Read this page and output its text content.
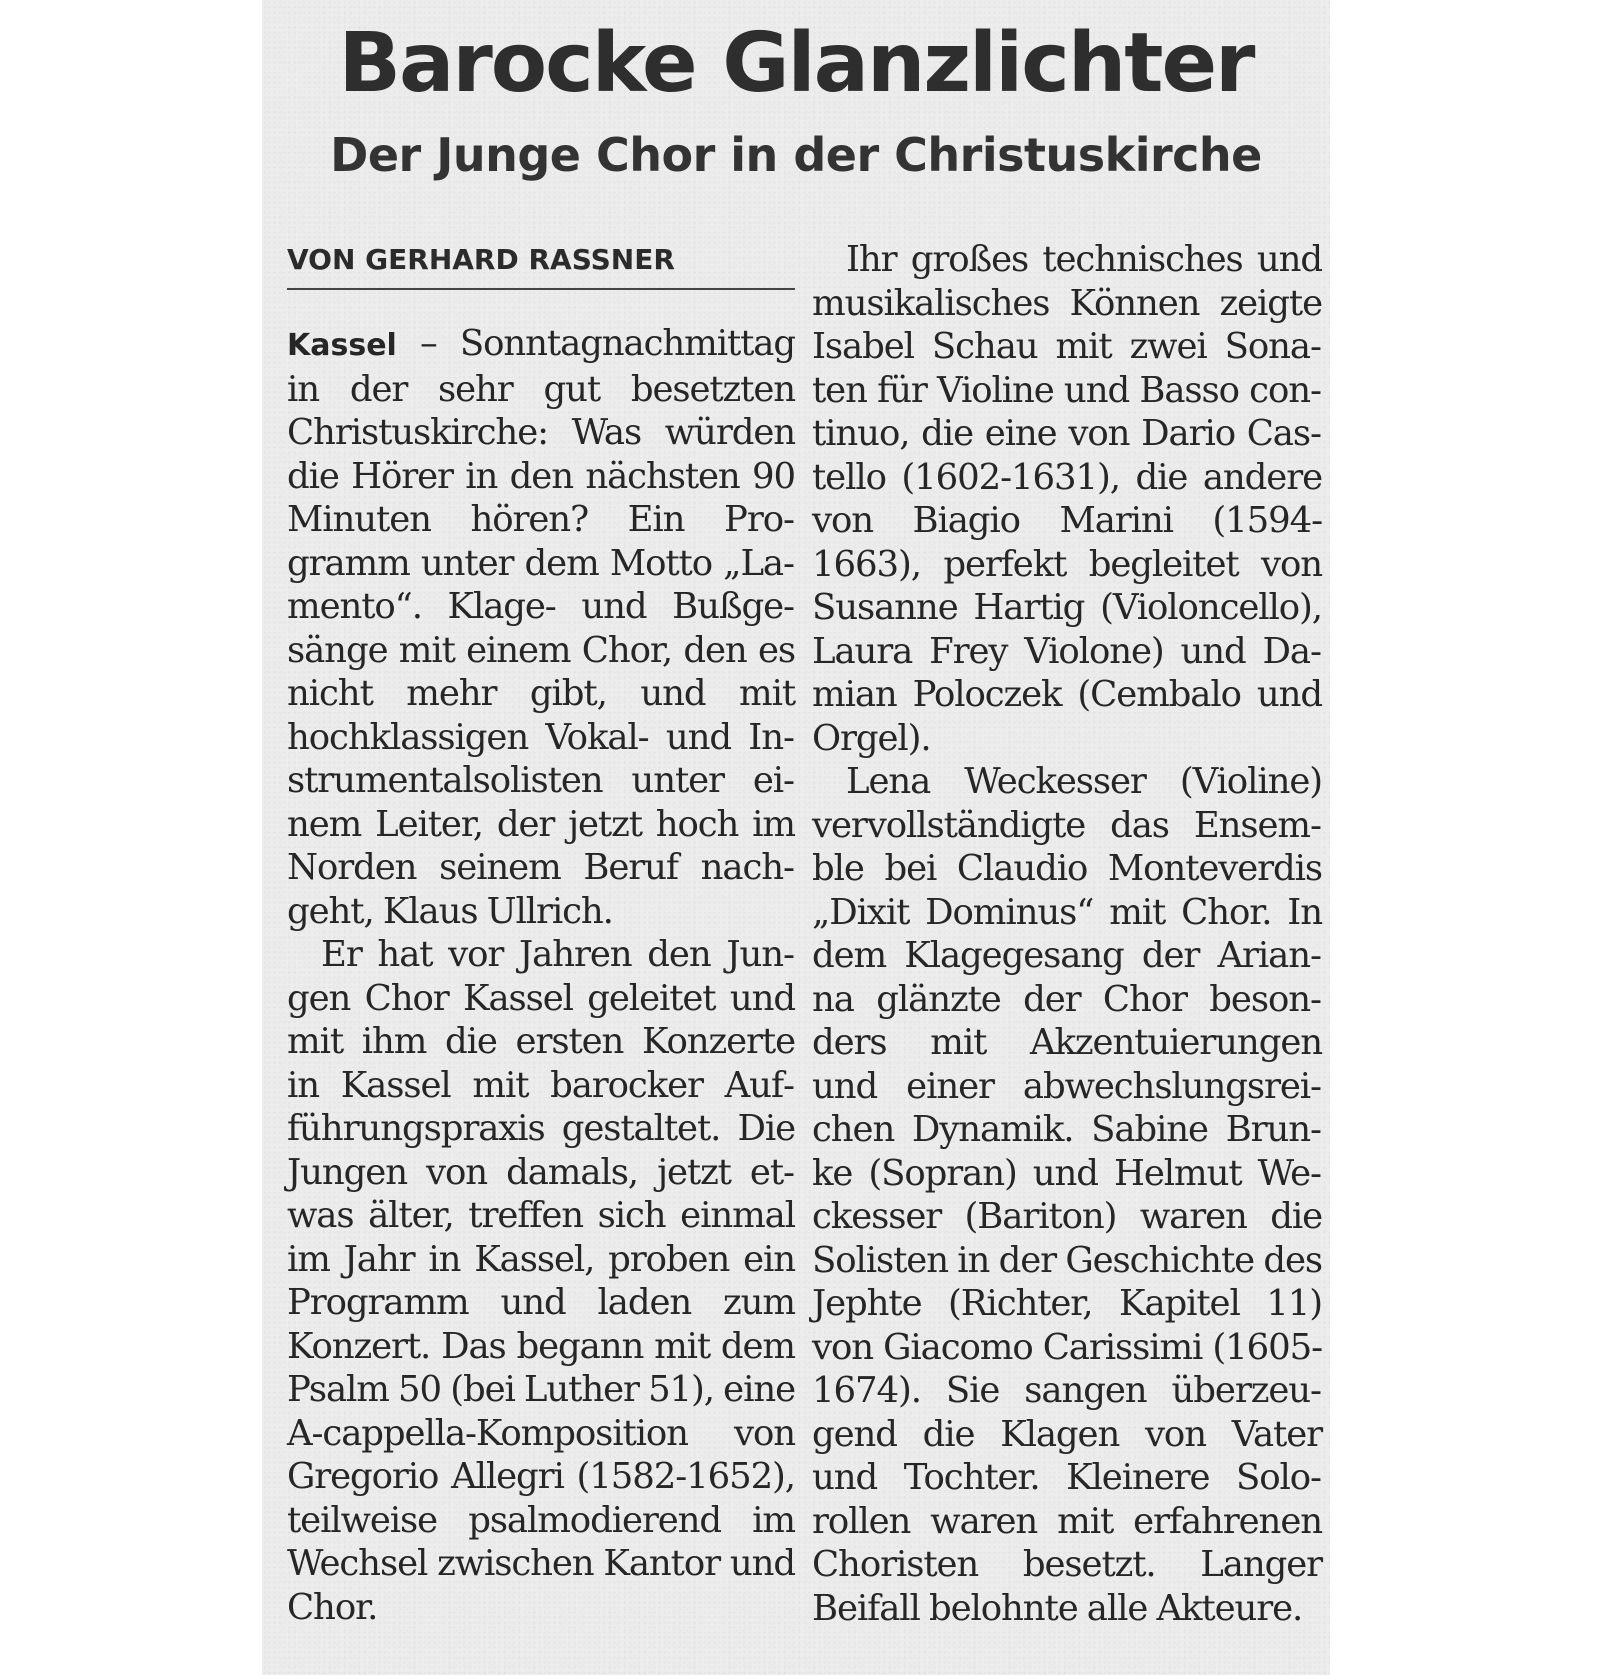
Barocke Glanzlichter
Der Junge Chor in der Christuskirche
VON GERHARD RASSNER

Kassel – Sonntagnachmittag in der sehr gut besetzten Christuskirche: Was würden die Hörer in den nächsten 90 Minuten hören? Ein Programm unter dem Motto „Lamento“. Klage- und Bußgesänge mit einem Chor, den es nicht mehr gibt, und mit hochklassigen Vokal- und Instrumentalsolisten unter einem Leiter, der jetzt hoch im Norden seinem Beruf nachgeht, Klaus Ullrich.

Er hat vor Jahren den Jungen Chor Kassel geleitet und mit ihm die ersten Konzerte in Kassel mit barocker Aufführungspraxis gestaltet. Die Jungen von damals, jetzt etwas älter, treffen sich einmal im Jahr in Kassel, proben ein Programm und laden zum Konzert. Das begann mit dem Psalm 50 (bei Luther 51), eine A-cappella-Komposition von Gregorio Allegri (1582-1652), teilweise psalmodierend im Wechsel zwischen Kantor und Chor.

Ihr großes technisches und musikalisches Können zeigte Isabel Schau mit zwei Sonaten für Violine und Basso continuo, die eine von Dario Castello (1602-1631), die andere von Biagio Marini (1594-1663), perfekt begleitet von Susanne Hartig (Violoncello), Laura Frey Violone) und Damian Poloczek (Cembalo und Orgel).

Lena Weckesser (Violine) vervollständigte das Ensemble bei Claudio Monteverdis „Dixit Dominus“ mit Chor. In dem Klagegesang der Arianna glänzte der Chor besonders mit Akzentuierungen und einer abwechslungsreichen Dynamik. Sabine Brunke (Sopran) und Helmut Weckesser (Bariton) waren die Solisten in der Geschichte des Jephte (Richter, Kapitel 11) von Giacomo Carissimi (1605-1674). Sie sangen überzeugend die Klagen von Vater und Tochter. Kleinere Solorollen waren mit erfahrenen Choristen besetzt. Langer Beifall belohnte alle Akteure.
